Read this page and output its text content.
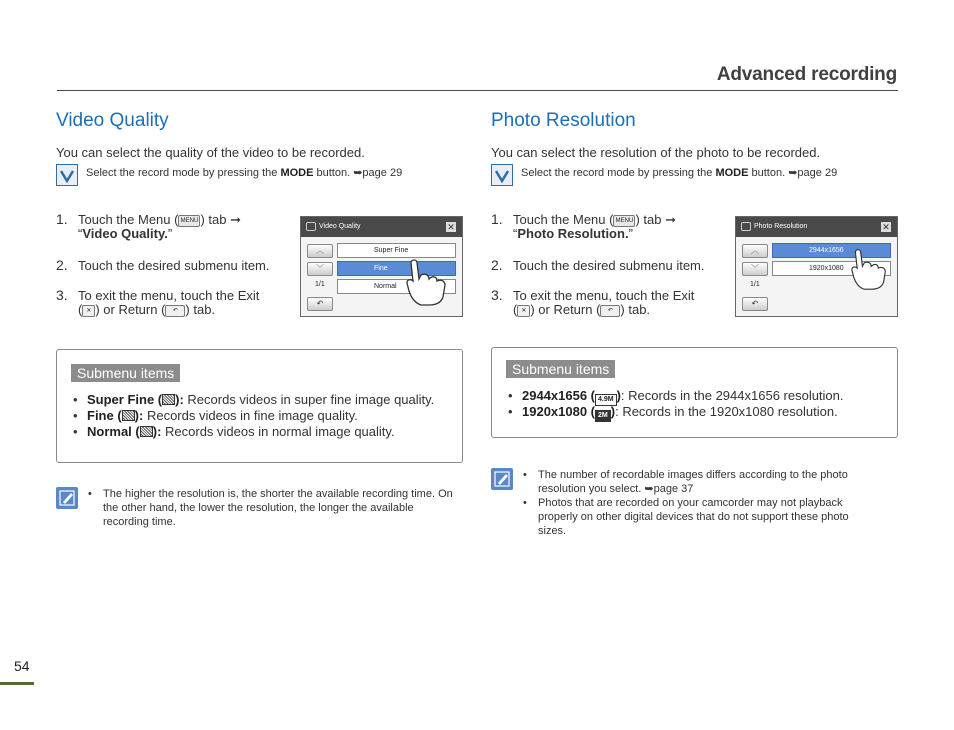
Advanced recording
Video Quality
You can select the quality of the video to be recorded.
Select the record mode by pressing the MODE button. ➥page 29
1. Touch the Menu ( MENU ) tab ➞
“Video Quality.”
2. Touch the desired submenu item.
3. To exit the menu, touch the Exit
( ✕ ) or Return ( ↶ ) tab.
Video Quality	✕
︿
﹀
1/1
↶
Super Fine
Fine
Normal
Submenu items
• Super Fine ( ): Records videos in super fine image quality.
• Fine ( ): Records videos in fine image quality.
• Normal ( ): Records videos in normal image quality.
• The higher the resolution is, the shorter the available recording time. On the other hand, the lower the resolution, the longer the available recording time.
Photo Resolution
You can select the resolution of the photo to be recorded.
Select the record mode by pressing the MODE button. ➥page 29
1. Touch the Menu ( MENU ) tab ➞
“Photo Resolution.”
2. Touch the desired submenu item.
3. To exit the menu, touch the Exit
( ✕ ) or Return ( ↶ ) tab.
Photo Resolution	✕
︿
﹀
1/1
↶
2944x1656
1920x1080
Submenu items
• 2944x1656 ( 4.9M ): Records in the 2944x1656 resolution.
• 1920x1080 ( 2M ): Records in the 1920x1080 resolution.
• The number of recordable images differs according to the photo resolution you select. ➥page 37
• Photos that are recorded on your camcorder may not playback properly on other digital devices that do not support these photo sizes.
54
